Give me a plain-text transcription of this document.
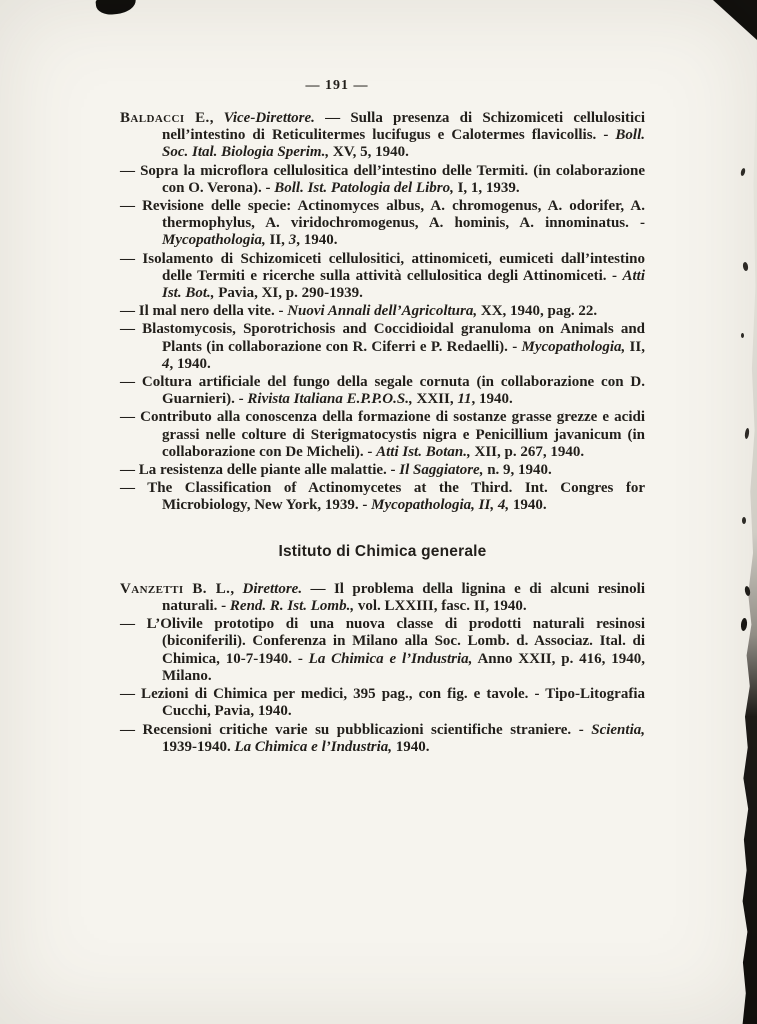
— 191 —

Baldacci E., Vice-Direttore. — Sulla presenza di Schizomiceti cellulositici nell’intestino di Reticulitermes lucifugus e Calotermes flavicollis. - Boll. Soc. Ital. Biologia Sperim., XV, 5, 1940.

— Sopra la microflora cellulositica dell’intestino delle Termiti. (in colaborazione con O. Verona). - Boll. Ist. Patologia del Libro, I, 1, 1939.

— Revisione delle specie: Actinomyces albus, A. chromogenus, A. odorifer, A. thermophylus, A. viridochromogenus, A. hominis, A. innominatus. - Mycopathologia, II, 3, 1940.

— Isolamento di Schizomiceti cellulositici, attinomiceti, eumiceti dall’intestino delle Termiti e ricerche sulla attività cellulositica degli Attinomiceti. - Atti Ist. Bot., Pavia, XI, p. 290-1939.

— Il mal nero della vite. - Nuovi Annali dell’Agricoltura, XX, 1940, pag. 22.

— Blastomycosis, Sporotrichosis and Coccidioidal granuloma on Animals and Plants (in collaborazione con R. Ciferri e P. Redaelli). - Mycopathologia, II, 4, 1940.

— Coltura artificiale del fungo della segale cornuta (in collaborazione con D. Guarnieri). - Rivista Italiana E.P.P.O.S., XXII, 11, 1940.

— Contributo alla conoscenza della formazione di sostanze grasse grezze e acidi grassi nelle colture di Sterigmatocystis nigra e Penicillium javanicum (in collaborazione con De Micheli). - Atti Ist. Botan., XII, p. 267, 1940.

— La resistenza delle piante alle malattie. - Il Saggiatore, n. 9, 1940.

— The Classification of Actinomycetes at the Third. Int. Congres for Microbiology, New York, 1939. - Mycopathologia, II, 4, 1940.

Istituto di Chimica generale

Vanzetti B. L., Direttore. — Il problema della lignina e di alcuni resinoli naturali. - Rend. R. Ist. Lomb., vol. LXXIII, fasc. II, 1940.

— L’Olivile prototipo di una nuova classe di prodotti naturali resinosi (biconiferili). Conferenza in Milano alla Soc. Lomb. d. Associaz. Ital. di Chimica, 10-7-1940. - La Chimica e l’Industria, Anno XXII, p. 416, 1940, Milano.

— Lezioni di Chimica per medici, 395 pag., con fig. e tavole. - Tipo-Litografia Cucchi, Pavia, 1940.

— Recensioni critiche varie su pubblicazioni scientifiche straniere. - Scientia, 1939-1940. La Chimica e l’Industria, 1940.
